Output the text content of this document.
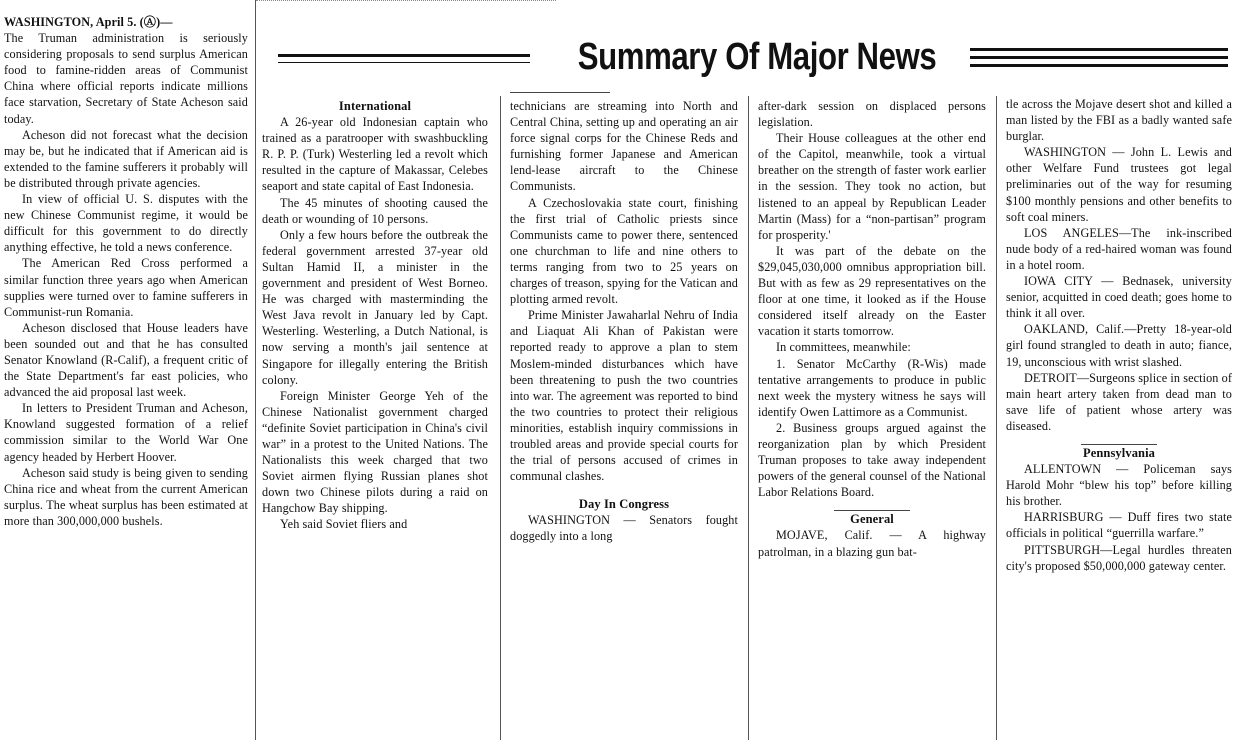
Summary Of Major News

WASHINGTON, April 5. (Ⓐ)—

The Truman administration is seriously considering proposals to send surplus American food to famine-ridden areas of Communist China where official reports indicate millions face starvation, Secretary of State Acheson said today.

Acheson did not forecast what the decision may be, but he indicated that if American aid is extended to the famine sufferers it probably will be distributed through private agencies.

In view of official U. S. disputes with the new Chinese Communist regime, it would be difficult for this government to do directly anything effective, he told a news conference.

The American Red Cross performed a similar function three years ago when American supplies were turned over to famine sufferers in Communist-run Romania.

Acheson disclosed that House leaders have been sounded out and that he has consulted Senator Knowland (R-Calif), a frequent critic of the State Department's far east policies, who advanced the aid proposal last week.

In letters to President Truman and Acheson, Knowland suggested formation of a relief commission similar to the World War One agency headed by Herbert Hoover.

Acheson said study is being given to sending China rice and wheat from the current American surplus. The wheat surplus has been estimated at more than 300,000,000 bushels.

International

A 26-year old Indonesian captain who trained as a paratrooper with swashbuckling R. P. P. (Turk) Westerling led a revolt which resulted in the capture of Makassar, Celebes seaport and state capital of East Indonesia.

The 45 minutes of shooting caused the death or wounding of 10 persons.

Only a few hours before the outbreak the federal government arrested 37-year old Sultan Hamid II, a minister in the government and president of West Borneo. He was charged with masterminding the West Java revolt in January led by Capt. Westerling. Westerling, a Dutch National, is now serving a month's jail sentence at Singapore for illegally entering the British colony.

Foreign Minister George Yeh of the Chinese Nationalist government charged “definite Soviet participation in China's civil war” in a protest to the United Nations. The Nationalists this week charged that two Soviet airmen flying Russian planes shot down two Chinese pilots during a raid on Hangchow Bay shipping.

Yeh said Soviet fliers and

technicians are streaming into North and Central China, setting up and operating an air force signal corps for the Chinese Reds and furnishing former Japanese and American lend-lease aircraft to the Chinese Communists.

A Czechoslovakia state court, finishing the first trial of Catholic priests since Communists came to power there, sentenced one churchman to life and nine others to terms ranging from two to 25 years on charges of treason, spying for the Vatican and plotting armed revolt.

Prime Minister Jawaharlal Nehru of India and Liaquat Ali Khan of Pakistan were reported ready to approve a plan to stem Moslem-minded disturbances which have been threatening to push the two countries into war. The agreement was reported to bind the two countries to protect their religious minorities, establish inquiry commissions in troubled areas and provide special courts for the trial of persons accused of crimes in communal clashes.

Day In Congress

WASHINGTON — Senators fought doggedly into a long

after-dark session on displaced persons legislation.

Their House colleagues at the other end of the Capitol, meanwhile, took a virtual breather on the strength of faster work earlier in the session. They took no action, but listened to an appeal by Republican Leader Martin (Mass) for a “non-partisan” program for prosperity.'

It was part of the debate on the $29,045,030,000 omnibus appropriation bill. But with as few as 29 representatives on the floor at one time, it looked as if the House considered itself already on the Easter vacation it starts tomorrow.

In committees, meanwhile:

1. Senator McCarthy (R-Wis) made tentative arrangements to produce in public next week the mystery witness he says will identify Owen Lattimore as a Communist.

2. Business groups argued against the reorganization plan by which President Truman proposes to take away independent powers of the general counsel of the National Labor Relations Board.

General

MOJAVE, Calif. — A highway patrolman, in a blazing gun bat-

tle across the Mojave desert shot and killed a man listed by the FBI as a badly wanted safe burglar.

WASHINGTON — John L. Lewis and other Welfare Fund trustees got legal preliminaries out of the way for resuming $100 monthly pensions and other benefits to soft coal miners.

LOS ANGELES—The ink-inscribed nude body of a red-haired woman was found in a hotel room.

IOWA CITY — Bednasek, university senior, acquitted in coed death; goes home to think it all over.

OAKLAND, Calif.—Pretty 18-year-old girl found strangled to death in auto; fiance, 19, unconscious with wrist slashed.

DETROIT—Surgeons splice in section of main heart artery taken from dead man to save life of patient whose artery was diseased.

Pennsylvania

ALLENTOWN — Policeman says Harold Mohr “blew his top” before killing his brother.

HARRISBURG — Duff fires two state officials in political “guerrilla warfare.”

PITTSBURGH—Legal hurdles threaten city's proposed $50,000,000 gateway center.
